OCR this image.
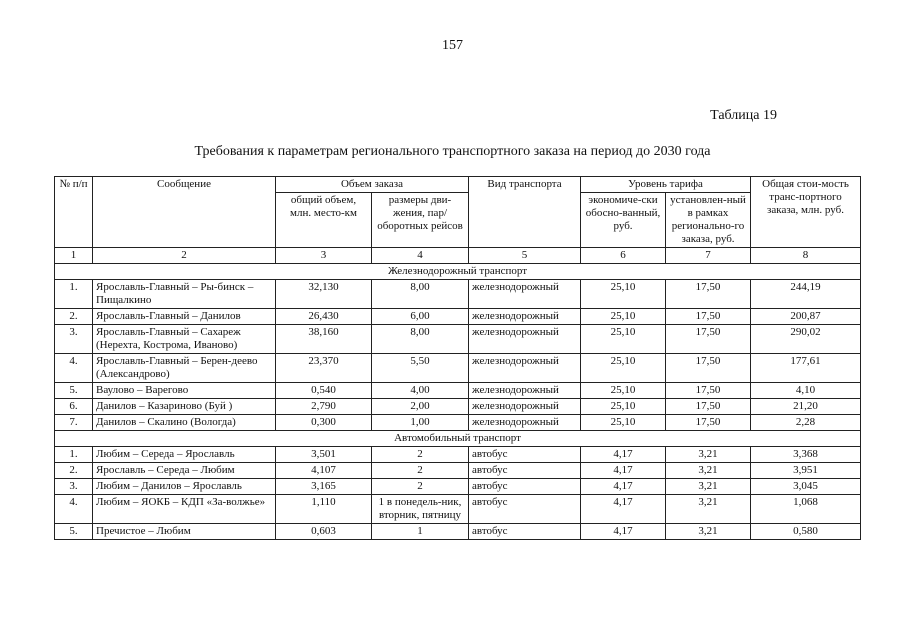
157
Таблица 19
Требования к параметрам регионального транспортного заказа на период до 2030 года
№ п/п	Сообщение	Объем заказа		Вид транспорта	Уровень тарифа		Общая стои-мость транс-портного заказа, млн. руб.
		общий объем, млн. место-км	размеры дви-жения, пар/оборотных рейсов		экономиче-ски обосно-ванный, руб.	установлен-ный в рамках регионально-го заказа, руб.	
1	2	3	4	5	6	7	8
Железнодорожный транспорт							
1.	Ярославль-Главный – Ры-бинск – Пищалкино	32,130	8,00	железнодорожный	25,10	17,50	244,19
2.	Ярославль-Главный – Данилов	26,430	6,00	железнодорожный	25,10	17,50	200,87
3.	Ярославль-Главный – Сахареж (Нерехта, Кострома, Иваново)	38,160	8,00	железнодорожный	25,10	17,50	290,02
4.	Ярославль-Главный – Берен-деево (Александрово)	23,370	5,50	железнодорожный	25,10	17,50	177,61
5.	Ваулово – Варегово	0,540	4,00	железнодорожный	25,10	17,50	4,10
6.	Данилов – Казариново (Буй )	2,790	2,00	железнодорожный	25,10	17,50	21,20
7.	Данилов – Скалино (Вологда)	0,300	1,00	железнодорожный	25,10	17,50	2,28
Автомобильный транспорт							
1.	Любим – Середа – Ярославль	3,501	2	автобус	4,17	3,21	3,368
2.	Ярославль – Середа – Любим	4,107	2	автобус	4,17	3,21	3,951
3.	Любим – Данилов – Ярославль	3,165	2	автобус	4,17	3,21	3,045
4.	Любим – ЯОКБ – КДП «За-волжье»	1,110	1 в понедель-ник, вторник, пятницу	автобус	4,17	3,21	1,068
5.	Пречистое – Любим	0,603	1	автобус	4,17	3,21	0,580
